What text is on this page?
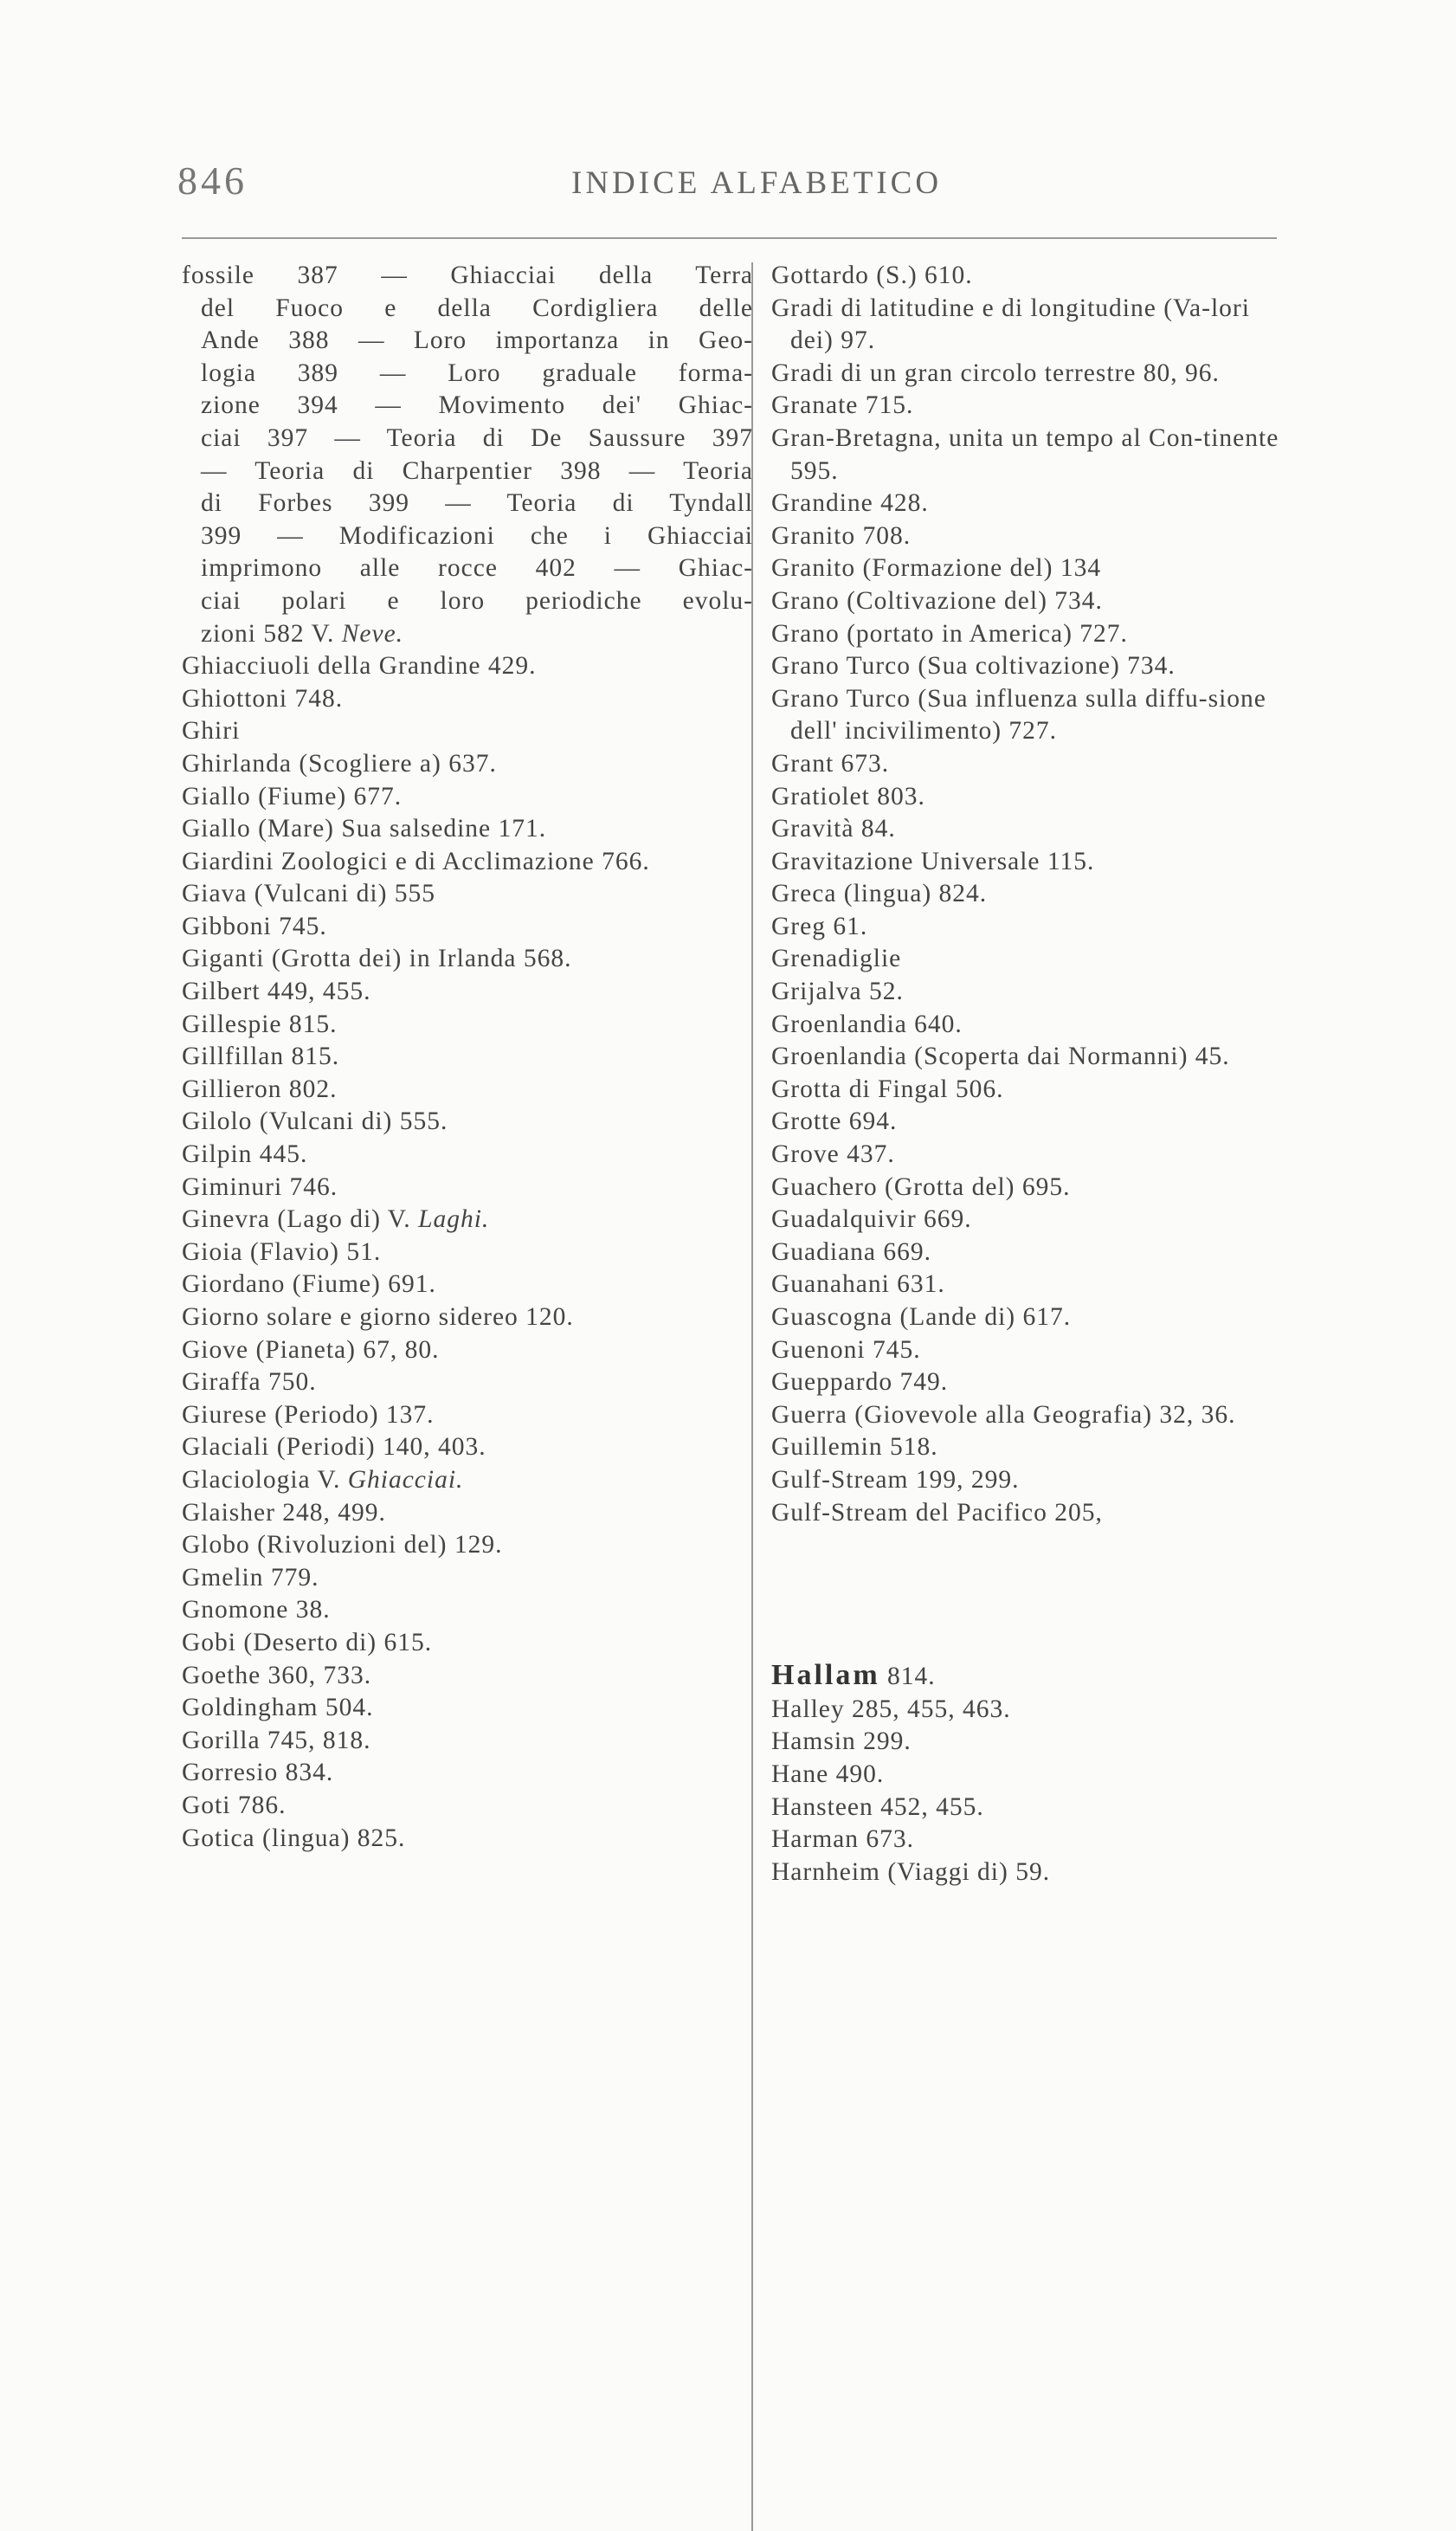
846	INDICE ALFABETICO
fossile 387 — Ghiacciai della Terra
del Fuoco e della Cordigliera delle
Ande 388 — Loro importanza in Geo-
logia 389 — Loro graduale forma-
zione 394 — Movimento dei' Ghiac-
ciai 397 — Teoria di De Saussure 397
— Teoria di Charpentier 398 — Teoria
di Forbes 399 — Teoria di Tyndall
399 — Modificazioni che i Ghiacciai
imprimono alle rocce 402 — Ghiac-
ciai polari e loro periodiche evolu-
zioni 582 V. Neve.
Ghiacciuoli della Grandine 429.
Ghiottoni 748.
Ghiri
Ghirlanda (Scogliere a) 637.
Giallo (Fiume) 677.
Giallo (Mare) Sua salsedine 171.
Giardini Zoologici e di Acclimazione 766.
Giava (Vulcani di) 555
Gibboni 745.
Giganti (Grotta dei) in Irlanda 568.
Gilbert 449, 455.
Gillespie 815.
Gillfillan 815.
Gillieron 802.
Gilolo (Vulcani di) 555.
Gilpin 445.
Giminuri 746.
Ginevra (Lago di) V. Laghi.
Gioia (Flavio) 51.
Giordano (Fiume) 691.
Giorno solare e giorno sidereo 120.
Giove (Pianeta) 67, 80.
Giraffa 750.
Giurese (Periodo) 137.
Glaciali (Periodi) 140, 403.
Glaciologia V. Ghiacciai.
Glaisher 248, 499.
Globo (Rivoluzioni del) 129.
Gmelin 779.
Gnomone 38.
Gobi (Deserto di) 615.
Goethe 360, 733.
Goldingham 504.
Gorilla 745, 818.
Gorresio 834.
Goti 786.
Gotica (lingua) 825.
Gottardo (S.) 610.
Gradi di latitudine e di longitudine (Va-lori dei) 97.
Gradi di un gran circolo terrestre 80, 96.
Granate 715.
Gran-Bretagna, unita un tempo al Con-tinente 595.
Grandine 428.
Granito 708.
Granito (Formazione del) 134
Grano (Coltivazione del) 734.
Grano (portato in America) 727.
Grano Turco (Sua coltivazione) 734.
Grano Turco (Sua influenza sulla diffu-sione dell' incivilimento) 727.
Grant 673.
Gratiolet 803.
Gravità 84.
Gravitazione Universale 115.
Greca (lingua) 824.
Greg 61.
Grenadiglie
Grijalva 52.
Groenlandia 640.
Groenlandia (Scoperta dai Normanni) 45.
Grotta di Fingal 506.
Grotte 694.
Grove 437.
Guachero (Grotta del) 695.
Guadalquivir 669.
Guadiana 669.
Guanahani 631.
Guascogna (Lande di) 617.
Guenoni 745.
Gueppardo 749.
Guerra (Giovevole alla Geografia) 32, 36.
Guillemin 518.
Gulf-Stream 199, 299.
Gulf-Stream del Pacifico 205,
Hallam 814.
Halley 285, 455, 463.
Hamsin 299.
Hane 490.
Hansteen 452, 455.
Harman 673.
Harnheim (Viaggi di) 59.
